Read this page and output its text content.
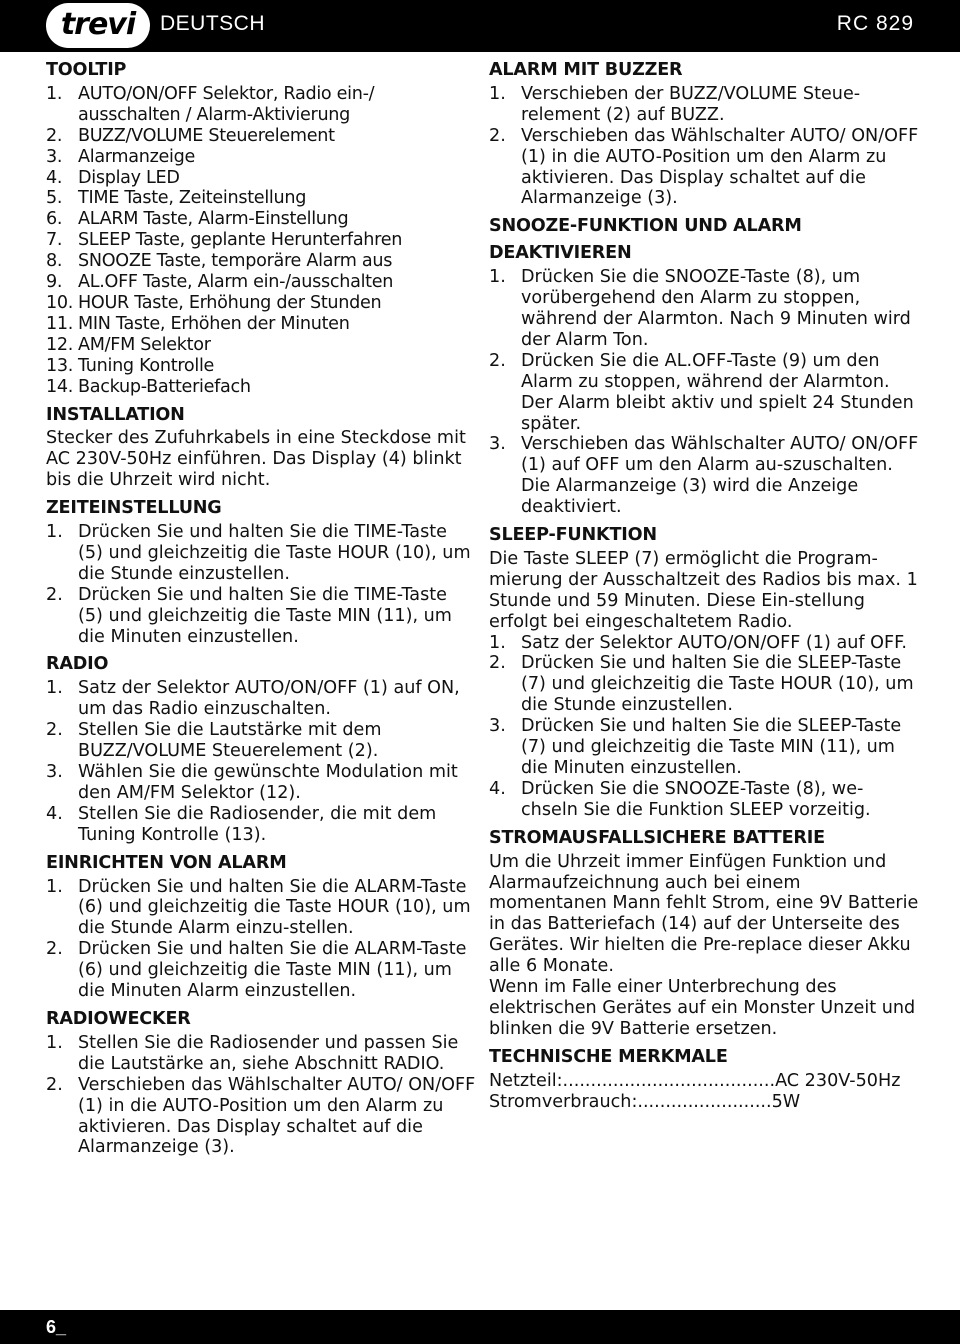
trevi	DEUTSCH	RC 829
TOOLTIP
1. AUTO/ON/OFF Selektor, Radio ein-/ ausschalten / Alarm-Aktivierung
2. BUZZ/VOLUME Steuerelement
3. Alarmanzeige
4. Display LED
5. TIME Taste, Zeiteinstellung
6. ALARM Taste, Alarm-Einstellung
7. SLEEP Taste, geplante Herunterfahren
8. SNOOZE Taste, temporäre Alarm aus
9. AL.OFF Taste, Alarm ein-/ausschalten
10. HOUR Taste, Erhöhung der Stunden
11. MIN Taste, Erhöhen der Minuten
12. AM/FM Selektor
13. Tuning Kontrolle
14. Backup-Batteriefach
INSTALLATION

Stecker des Zufuhrkabels in eine Steckdose mit AC 230V-50Hz einführen. Das Display (4) blinkt bis die Uhrzeit wird nicht.

ZEITEINSTELLUNG
1. Drücken Sie und halten Sie die TIME-Taste (5) und gleichzeitig die Taste HOUR (10), um die Stunde einzustellen.
2. Drücken Sie und halten Sie die TIME-Taste (5) und gleichzeitig die Taste MIN (11), um die Minuten einzustellen.
RADIO
1. Satz der Selektor AUTO/ON/OFF (1) auf ON, um das Radio einzuschalten.
2. Stellen Sie die Lautstärke mit dem BUZZ/VOLUME Steuerelement (2).
3. Wählen Sie die gewünschte Modulation mit den AM/FM Selektor (12).
4. Stellen Sie die Radiosender, die mit dem Tuning Kontrolle (13).
EINRICHTEN VON ALARM
1. Drücken Sie und halten Sie die ALARM-Taste (6) und gleichzeitig die Taste HOUR (10), um die Stunde Alarm einzu-stellen.
2. Drücken Sie und halten Sie die ALARM-Taste (6) und gleichzeitig die Taste MIN (11), um die Minuten Alarm einzustellen.
RADIOWECKER
1. Stellen Sie die Radiosender und passen Sie die Lautstärke an, siehe Abschnitt RADIO.
2. Verschieben das Wählschalter AUTO/ ON/OFF (1) in die AUTO-Position um den Alarm zu aktivieren. Das Display schaltet auf die Alarmanzeige (3).
ALARM MIT BUZZER
1. Verschieben der BUZZ/VOLUME Steue-relement (2) auf BUZZ.
2. Verschieben das Wählschalter AUTO/ ON/OFF (1) in die AUTO-Position um den Alarm zu aktivieren. Das Display schaltet auf die Alarmanzeige (3).
SNOOZE-FUNKTION UND ALARM
DEAKTIVIEREN
1. Drücken Sie die SNOOZE-Taste (8), um vorübergehend den Alarm zu stoppen, während der Alarmton. Nach 9 Minuten wird der Alarm Ton.
2. Drücken Sie die AL.OFF-Taste (9) um den Alarm zu stoppen, während der Alarmton. Der Alarm bleibt aktiv und spielt 24 Stunden später.
3. Verschieben das Wählschalter AUTO/ ON/OFF (1) auf OFF um den Alarm au-szuschalten. Die Alarmanzeige (3) wird die Anzeige deaktiviert.
SLEEP-FUNKTION

Die Taste SLEEP (7) ermöglicht die Program-mierung der Ausschaltzeit des Radios bis max. 1 Stunde und 59 Minuten. Diese Ein-stellung erfolgt bei eingeschaltetem Radio.

1. Satz der Selektor AUTO/ON/OFF (1) auf OFF.
2. Drücken Sie und halten Sie die SLEEP-Taste (7) und gleichzeitig die Taste HOUR (10), um die Stunde einzustellen.
3. Drücken Sie und halten Sie die SLEEP-Taste (7) und gleichzeitig die Taste MIN (11), um die Minuten einzustellen.
4. Drücken Sie die SNOOZE-Taste (8), we-chseln Sie die Funktion SLEEP vorzeitig.
STROMAUSFALLSICHERE BATTERIE

Um die Uhrzeit immer Einfügen Funktion und Alarmaufzeichnung auch bei einem momentanen Mann fehlt Strom, eine 9V Batterie in das Batteriefach (14) auf der Unterseite des Gerätes. Wir hielten die Pre-replace dieser Akku alle 6 Monate.

Wenn im Falle einer Unterbrechung des elektrischen Gerätes auf ein Monster Unzeit und blinken die 9V Batterie ersetzen.

TECHNISCHE MERKMALE
Netzteil: ...................................... AC 230V-50Hz
Stromverbrauch: ........................ 5W
6_
